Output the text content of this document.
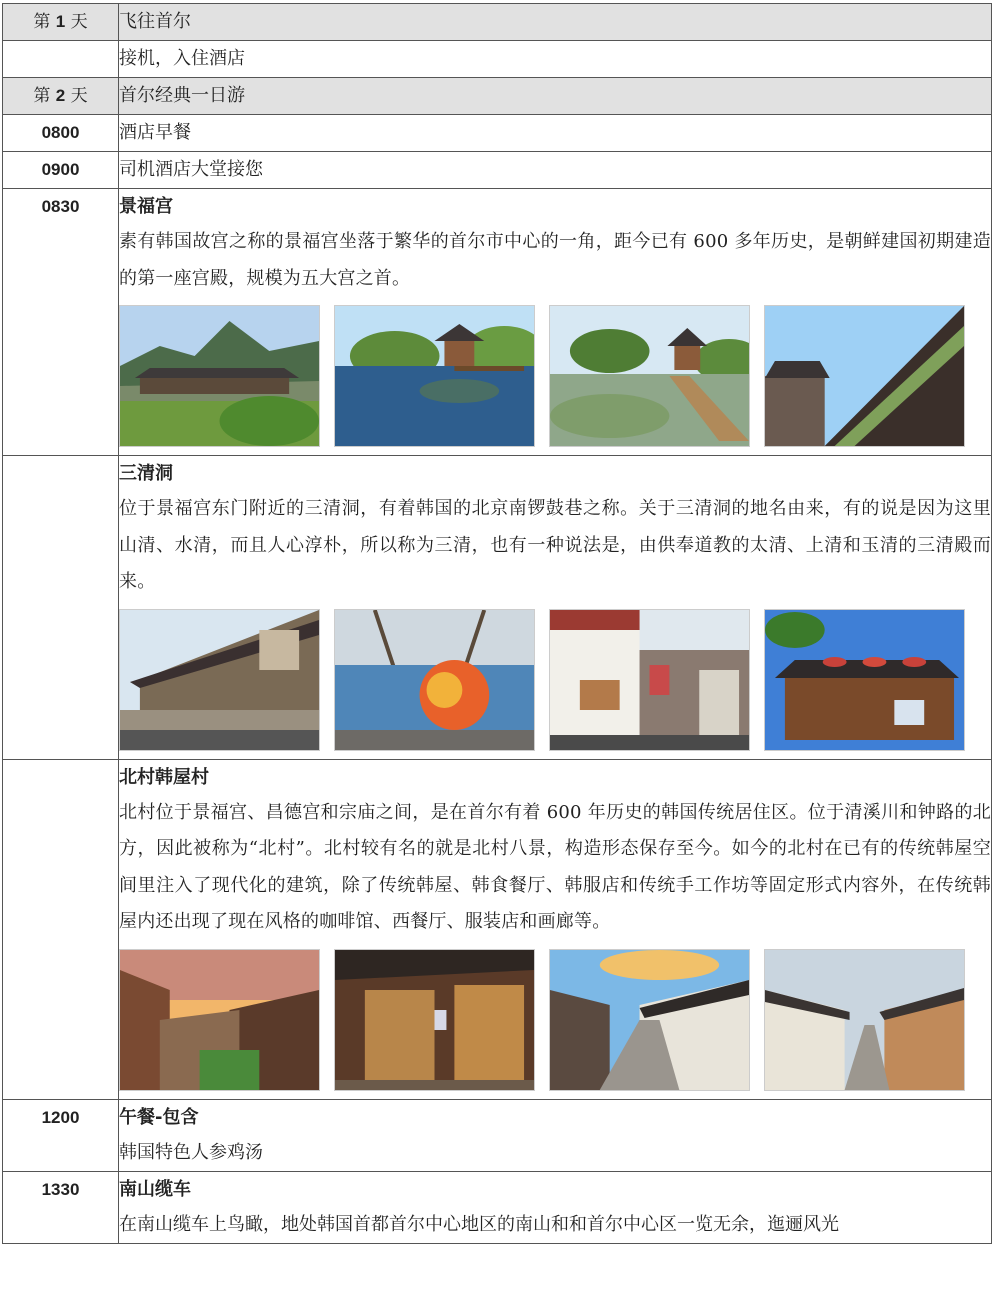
第 1 天	飞往首尔

	接机，入住酒店

第 2 天	首尔经典一日游

0800	酒店早餐

0900	司机酒店大堂接您

0830	景福宫
素有韩国故宫之称的景福宫坐落于繁华的首尔市中心的一角，距今已有 600 多年历史，是朝鲜建国初期建造的第一座宫殿，规模为五大宫之首。

	三清洞
位于景福宫东门附近的三清洞，有着韩国的北京南锣鼓巷之称。关于三清洞的地名由来，有的说是因为这里山清、水清，而且人心淳朴，所以称为三清，也有一种说法是，由供奉道教的太清、上清和玉清的三清殿而来。

	北村韩屋村
北村位于景福宫、昌德宫和宗庙之间，是在首尔有着 600 年历史的韩国传统居住区。位于清溪川和钟路的北方，因此被称为“北村”。北村较有名的就是北村八景，构造形态保存至今。如今的北村在已有的传统韩屋空间里注入了现代化的建筑，除了传统韩屋、韩食餐厅、韩服店和传统手工作坊等固定形式内容外，在传统韩屋内还出现了现在风格的咖啡馆、西餐厅、服装店和画廊等。

1200	午餐-包含
韩国特色人参鸡汤

1330	南山缆车
在南山缆车上鸟瞰，地处韩国首都首尔中心地区的南山和和首尔中心区一览无余，迤逦风光
